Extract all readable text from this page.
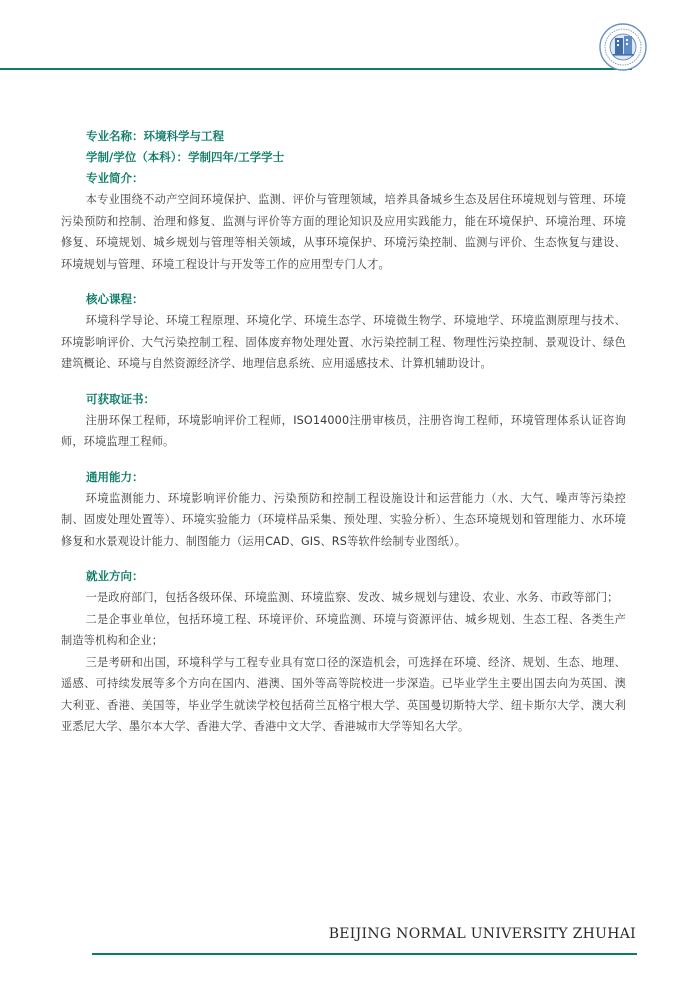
专业名称：环境科学与工程
学制/学位（本科）：学制四年/工学学士
专业简介：

本专业围绕不动产空间环境保护、监测、评价与管理领域，培养具备城乡生态及居住环境规划与管理、环境污染预防和控制、治理和修复、监测与评价等方面的理论知识及应用实践能力，能在环境保护、环境治理、环境修复、环境规划、城乡规划与管理等相关领域，从事环境保护、环境污染控制、监测与评价、生态恢复与建设、环境规划与管理、环境工程设计与开发等工作的应用型专门人才。

核心课程：

环境科学导论、环境工程原理、环境化学、环境生态学、环境微生物学、环境地学、环境监测原理与技术、环境影响评价、大气污染控制工程、固体废弃物处理处置、水污染控制工程、物理性污染控制、景观设计、绿色建筑概论、环境与自然资源经济学、地理信息系统、应用遥感技术、计算机辅助设计。

可获取证书：

注册环保工程师，环境影响评价工程师，ISO14000注册审核员，注册咨询工程师，环境管理体系认证咨询师，环境监理工程师。

通用能力：

环境监测能力、环境影响评价能力、污染预防和控制工程设施设计和运营能力（水、大气、噪声等污染控制、固废处理处置等）、环境实验能力（环境样品采集、预处理、实验分析）、生态环境规划和管理能力、水环境修复和水景观设计能力、制图能力（运用CAD、GIS、RS等软件绘制专业图纸）。

就业方向：

一是政府部门，包括各级环保、环境监测、环境监察、发改、城乡规划与建设、农业、水务、市政等部门；

二是企事业单位，包括环境工程、环境评价、环境监测、环境与资源评估、城乡规划、生态工程、各类生产制造等机构和企业；

三是考研和出国，环境科学与工程专业具有宽口径的深造机会，可选择在环境、经济、规划、生态、地理、遥感、可持续发展等多个方向在国内、港澳、国外等高等院校进一步深造。已毕业学生主要出国去向为英国、澳大利亚、香港、美国等，毕业学生就读学校包括荷兰瓦格宁根大学、英国曼切斯特大学、纽卡斯尔大学、澳大利亚悉尼大学、墨尔本大学、香港大学、香港中文大学、香港城市大学等知名大学。

BEIJING NORMAL UNIVERSITY ZHUHAI
